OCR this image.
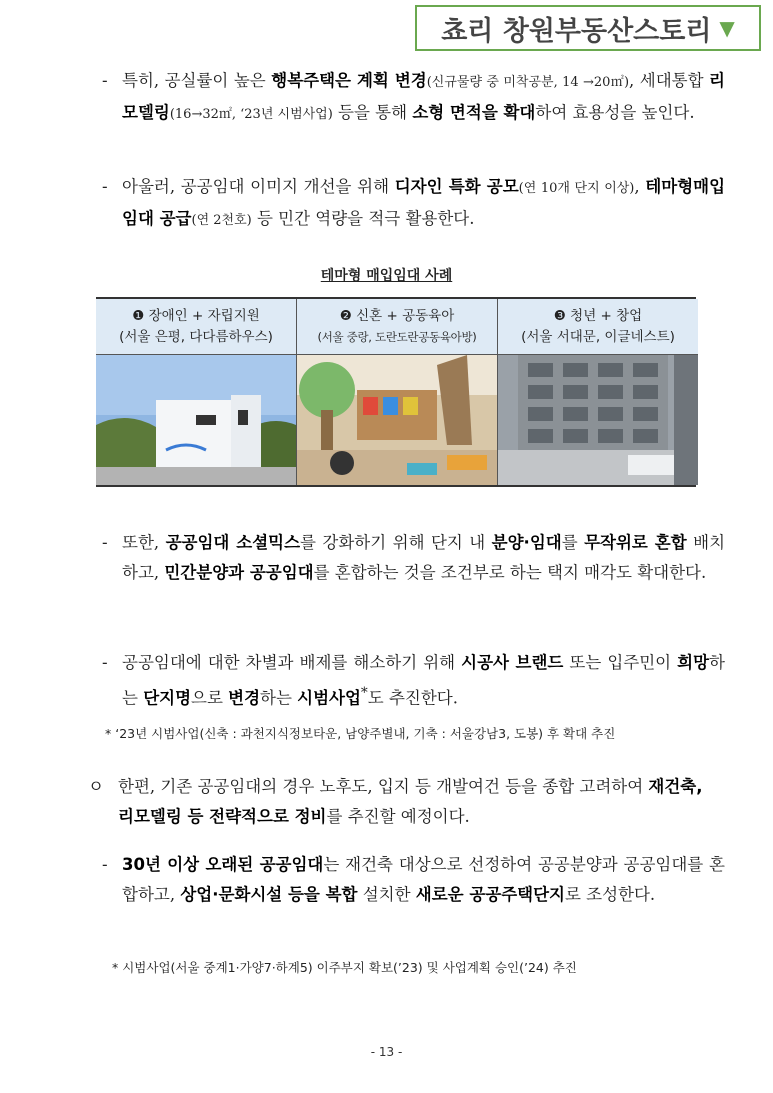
쵸리 창원부동산스토리 ▼
- 특히, 공실률이 높은 행복주택은 계획 변경(신규물량 중 미착공분, 14 →20㎡), 세대통합 리모델링(16→32㎡, ‘23년 시범사업) 등을 통해 소형 면적을 확대하여 효용성을 높인다.

- 아울러, 공공임대 이미지 개선을 위해 디자인 특화 공모(연 10개 단지 이상), 테마형매입임대 공급(연 2천호) 등 민간 역량을 적극 활용한다.

테마형 매입임대 사례
❶ 장애인 + 자립지원
(서울 은평, 다다름하우스)
❷ 신혼 + 공동육아
(서울 중랑, 도란도란공동육아방)
❸ 청년 + 창업
(서울 서대문, 이글네스트)
- 또한, 공공임대 소셜믹스를 강화하기 위해 단지 내 분양·임대를 무작위로 혼합 배치하고, 민간분양과 공공임대를 혼합하는 것을 조건부로 하는 택지 매각도 확대한다.

- 공공임대에 대한 차별과 배제를 해소하기 위해 시공사 브랜드 또는 입주민이 희망하는 단지명으로 변경하는 시범사업*도 추진한다.

* ‘23년 시범사업(신축 : 과천지식정보타운, 남양주별내, 기축 : 서울강남3, 도봉) 후 확대 추진
ㅇ 한편, 기존 공공임대의 경우 노후도, 입지 등 개발여건 등을 종합 고려하여 재건축, 리모델링 등 전략적으로 정비를 추진할 예정이다.

- 30년 이상 오래된 공공임대는 재건축 대상으로 선정하여 공공분양과 공공임대를 혼합하고, 상업·문화시설 등을 복합 설치한 새로운 공공주택단지로 조성한다.

* 시범사업(서울 중계1·가양7·하계5) 이주부지 확보(’23) 및 사업계획 승인(’24) 추진
- 13 -
